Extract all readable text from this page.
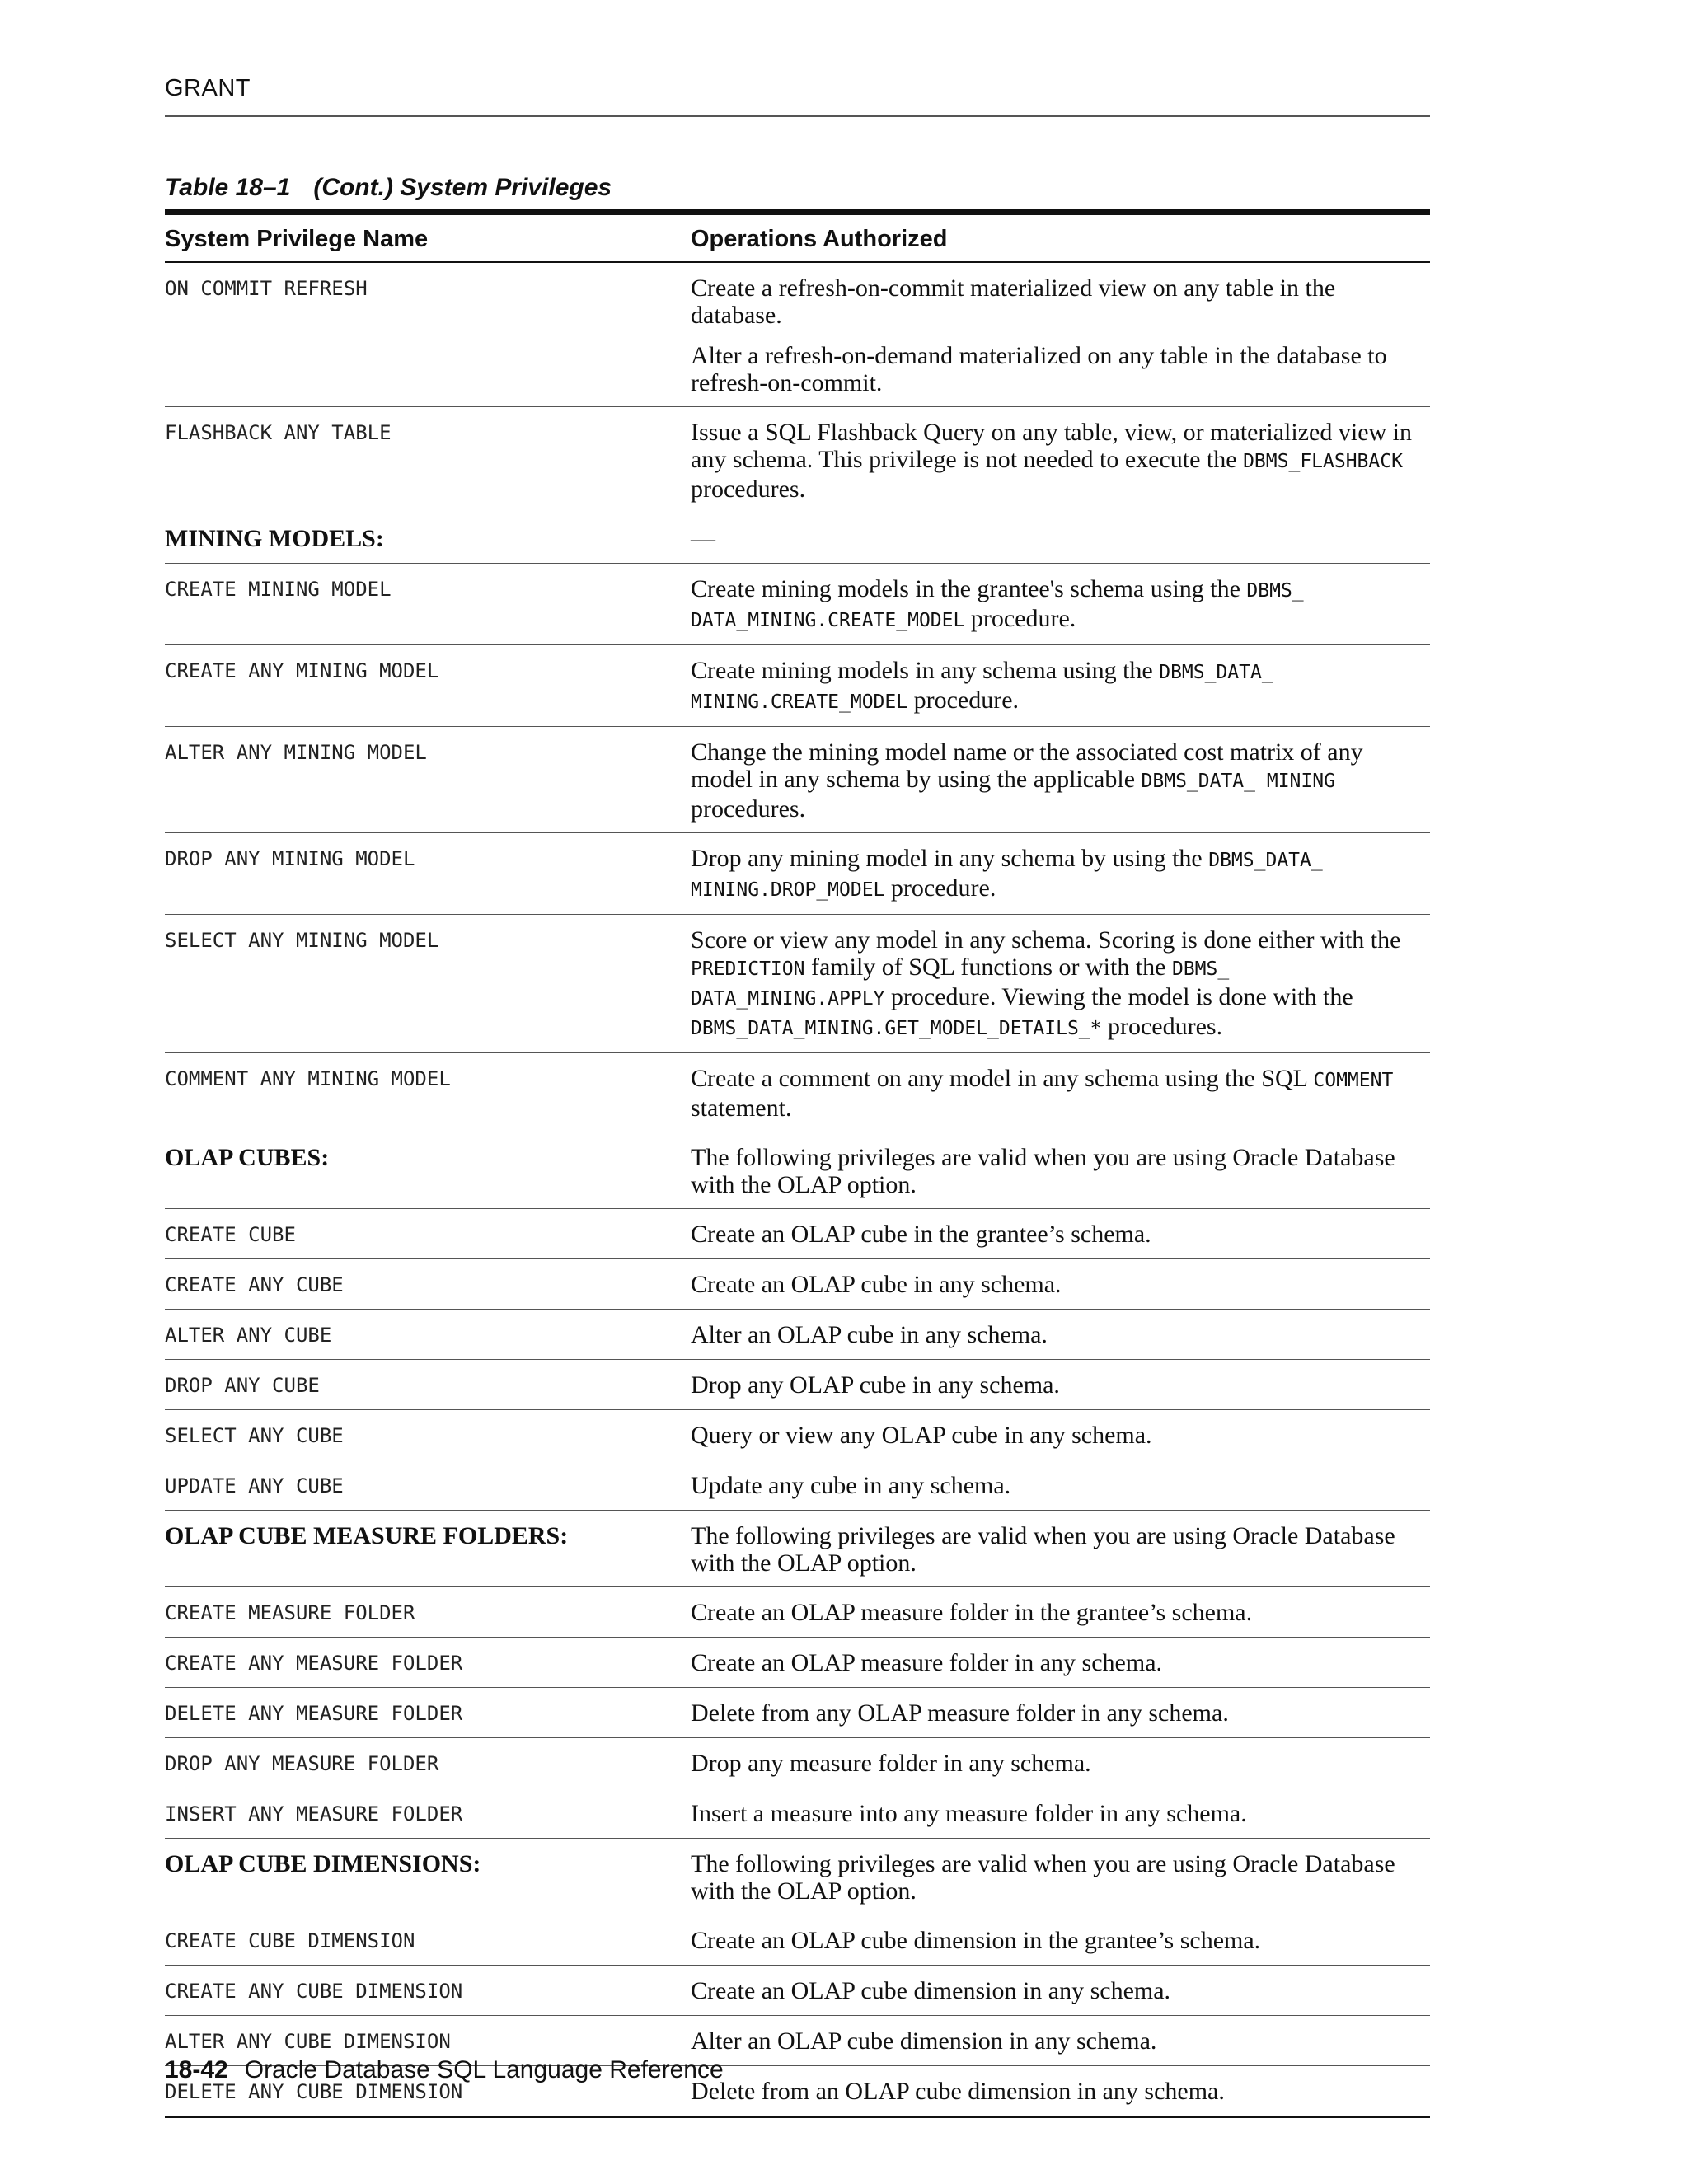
GRANT
Table 18–1 (Cont.) System Privileges
System Privilege Name	Operations Authorized
ON COMMIT REFRESH	Create a refresh-on-commit materialized view on any table in the database.

Alter a refresh-on-demand materialized on any table in the database to refresh-on-commit.

FLASHBACK ANY TABLE	Issue a SQL Flashback Query on any table, view, or materialized view in any schema. This privilege is not needed to execute the DBMS_FLASHBACK procedures.

MINING MODELS:	—

CREATE MINING MODEL	Create mining models in the grantee's schema using the DBMS_ DATA_MINING.CREATE_MODEL procedure.

CREATE ANY MINING MODEL	Create mining models in any schema using the DBMS_DATA_ MINING.CREATE_MODEL procedure.

ALTER ANY MINING MODEL	Change the mining model name or the associated cost matrix of any model in any schema by using the applicable DBMS_DATA_ MINING procedures.

DROP ANY MINING MODEL	Drop any mining model in any schema by using the DBMS_DATA_ MINING.DROP_MODEL procedure.

SELECT ANY MINING MODEL	Score or view any model in any schema. Scoring is done either with the PREDICTION family of SQL functions or with the DBMS_ DATA_MINING.APPLY procedure. Viewing the model is done with the DBMS_DATA_MINING.GET_MODEL_DETAILS_* procedures.

COMMENT ANY MINING MODEL	Create a comment on any model in any schema using the SQL COMMENT statement.

OLAP CUBES:	The following privileges are valid when you are using Oracle Database with the OLAP option.

CREATE CUBE	Create an OLAP cube in the grantee’s schema.

CREATE ANY CUBE	Create an OLAP cube in any schema.

ALTER ANY CUBE	Alter an OLAP cube in any schema.

DROP ANY CUBE	Drop any OLAP cube in any schema.

SELECT ANY CUBE	Query or view any OLAP cube in any schema.

UPDATE ANY CUBE	Update any cube in any schema.

OLAP CUBE MEASURE FOLDERS:	The following privileges are valid when you are using Oracle Database with the OLAP option.

CREATE MEASURE FOLDER	Create an OLAP measure folder in the grantee’s schema.

CREATE ANY MEASURE FOLDER	Create an OLAP measure folder in any schema.

DELETE ANY MEASURE FOLDER	Delete from any OLAP measure folder in any schema.

DROP ANY MEASURE FOLDER	Drop any measure folder in any schema.

INSERT ANY MEASURE FOLDER	Insert a measure into any measure folder in any schema.

OLAP CUBE DIMENSIONS:	The following privileges are valid when you are using Oracle Database with the OLAP option.

CREATE CUBE DIMENSION	Create an OLAP cube dimension in the grantee’s schema.

CREATE ANY CUBE DIMENSION	Create an OLAP cube dimension in any schema.

ALTER ANY CUBE DIMENSION	Alter an OLAP cube dimension in any schema.

DELETE ANY CUBE DIMENSION	Delete from an OLAP cube dimension in any schema.

18-42 Oracle Database SQL Language Reference
